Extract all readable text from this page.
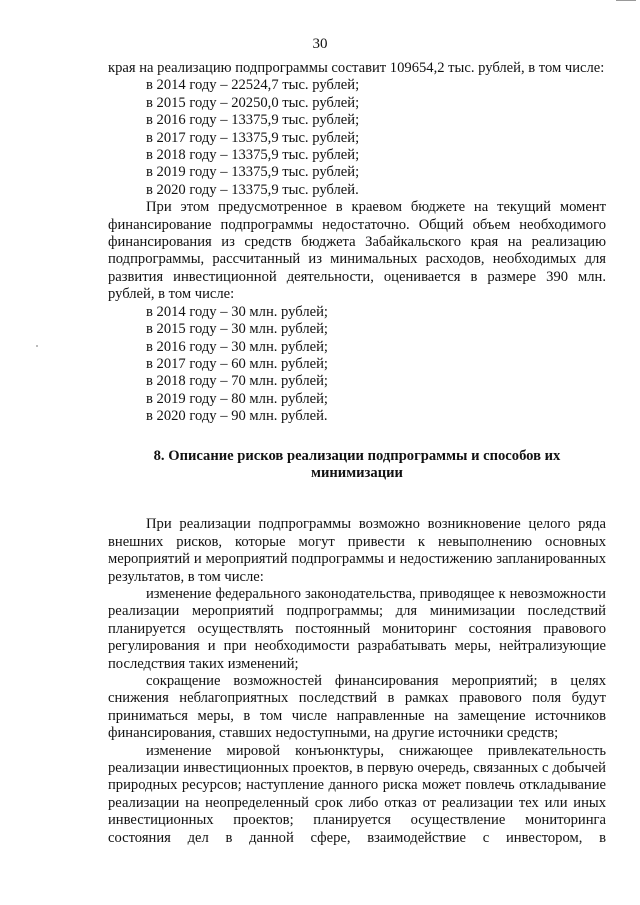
30

края на реализацию подпрограммы составит 109654,2 тыс. рублей, в том числе:

в 2014 году – 22524,7 тыс. рублей;
в 2015 году – 20250,0 тыс. рублей;
в 2016 году – 13375,9 тыс. рублей;
в 2017 году – 13375,9 тыс. рублей;
в 2018 году – 13375,9 тыс. рублей;
в 2019 году – 13375,9 тыс. рублей;
в 2020 году – 13375,9 тыс. рублей.

При этом предусмотренное в краевом бюджете на текущий момент финансирование подпрограммы недостаточно. Общий объем необходимого финансирования из средств бюджета Забайкальского края на реализацию подпрограммы, рассчитанный из минимальных расходов, необходимых для развития инвестиционной деятельности, оценивается в размере 390 млн. рублей, в том числе:

в 2014 году – 30 млн. рублей;
в 2015 году – 30 млн. рублей;
в 2016 году – 30 млн. рублей;
в 2017 году – 60 млн. рублей;
в 2018 году – 70 млн. рублей;
в 2019 году – 80 млн. рублей;
в 2020 году – 90 млн. рублей.

8. Описание рисков реализации подпрограммы и способов их
минимизации

При реализации подпрограммы возможно возникновение целого ряда внешних рисков, которые могут привести к невыполнению основных мероприятий и мероприятий подпрограммы и недостижению запланированных результатов, в том числе:

изменение федерального законодательства, приводящее к невозможности реализации мероприятий подпрограммы; для минимизации последствий планируется осуществлять постоянный мониторинг состояния правового регулирования и при необходимости разрабатывать меры, нейтрализующие последствия таких изменений;

сокращение возможностей финансирования мероприятий; в целях снижения неблагоприятных последствий в рамках правового поля будут приниматься меры, в том числе направленные на замещение источников финансирования, ставших недоступными, на другие источники средств;

изменение мировой конъюнктуры, снижающее привлекательность реализации инвестиционных проектов, в первую очередь, связанных с добычей природных ресурсов; наступление данного риска может повлечь откладывание реализации на неопределенный срок либо отказ от реализации тех или иных инвестиционных проектов; планируется осуществление мониторинга состояния дел в данной сфере, взаимодействие с инвестором, в
